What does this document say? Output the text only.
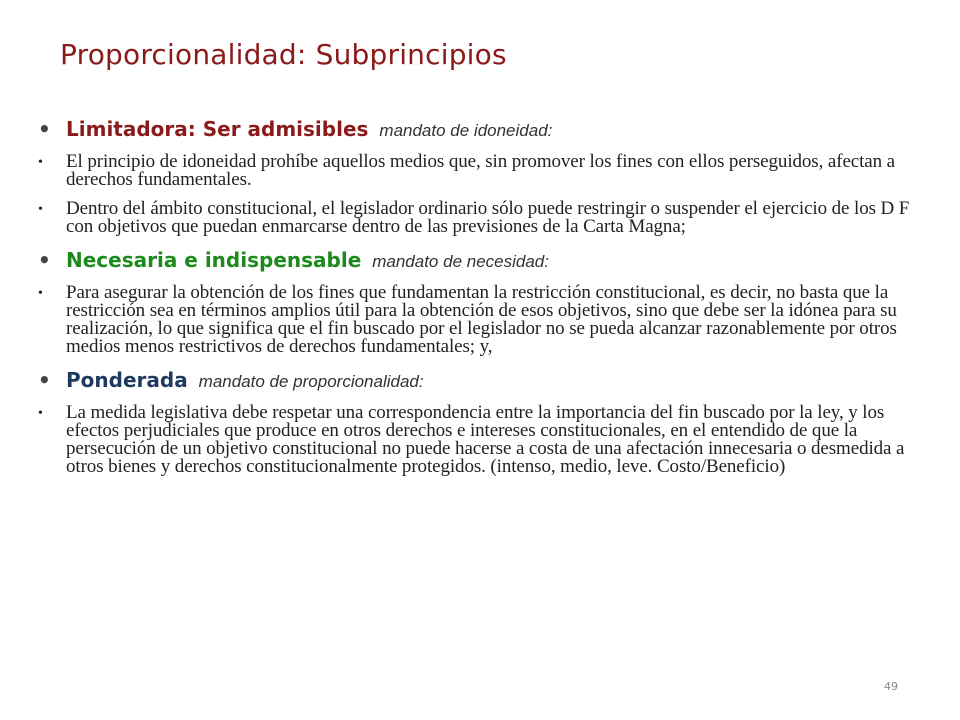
Proporcionalidad: Subprincipios
• Limitadora: Ser admisibles mandato de idoneidad:
• El principio de idoneidad prohíbe aquellos medios que, sin promover los fines con ellos perseguidos, afectan a derechos fundamentales.
• Dentro del ámbito constitucional, el legislador ordinario sólo puede restringir o suspender el ejercicio de los D F con objetivos que puedan enmarcarse dentro de las previsiones de la Carta Magna;
• Necesaria e indispensable mandato de necesidad:
• Para asegurar la obtención de los fines que fundamentan la restricción constitucional, es decir, no basta que la restricción sea en términos amplios útil para la obtención de esos objetivos, sino que debe ser la idónea para su realización, lo que significa que el fin buscado por el legislador no se pueda alcanzar razonablemente por otros medios menos restrictivos de derechos fundamentales; y,
• Ponderada mandato de proporcionalidad:
• La medida legislativa debe respetar una correspondencia entre la importancia del fin buscado por la ley, y los efectos perjudiciales que produce en otros derechos e intereses constitucionales, en el entendido de que la persecución de un objetivo constitucional no puede hacerse a costa de una afectación innecesaria o desmedida a otros bienes y derechos constitucionalmente protegidos. (intenso, medio, leve. Costo/Beneficio)
49
